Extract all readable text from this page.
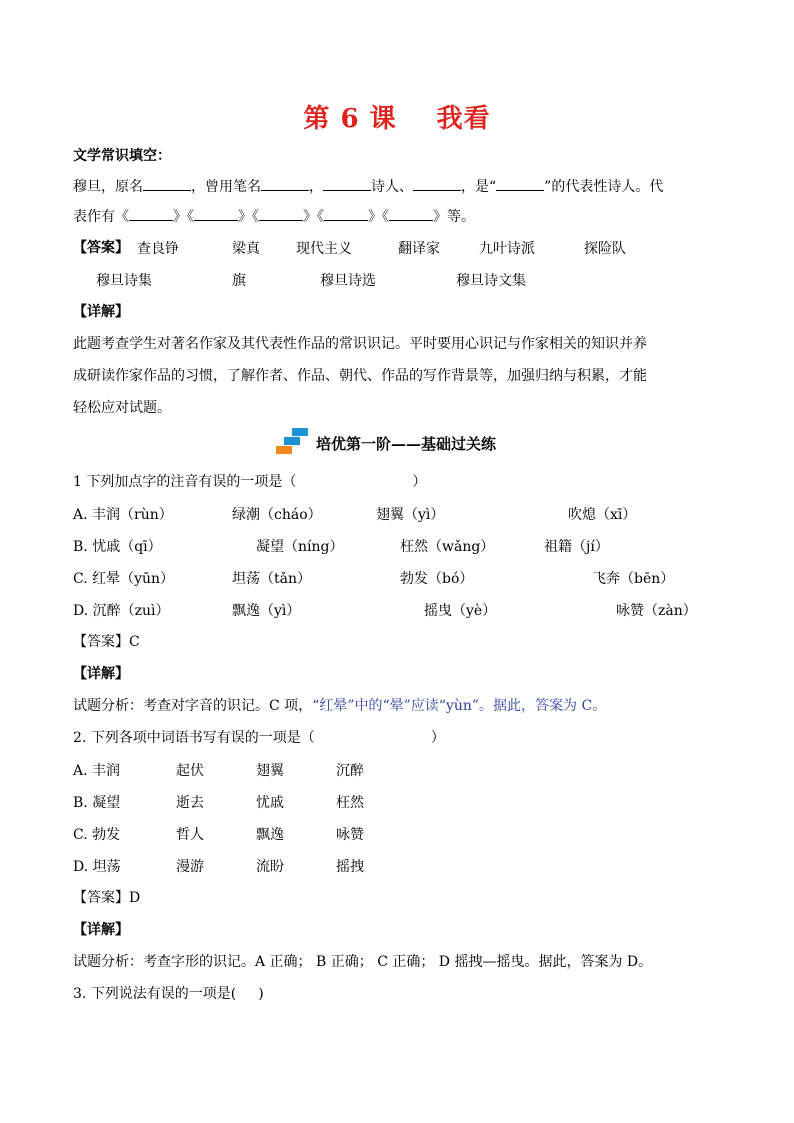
第 6 课 我看
文学常识填空：
穆旦，原名	，曾用笔名	，	诗人、	，是“	”的代表性诗人。代
表作有《	》《	》《	》《	》《	》等。
【答案】 查良铮	梁真	现代主义	翻译家	九叶诗派	探险队
穆旦诗集	旗	穆旦诗选	穆旦诗文集
【详解】
此题考查学生对著名作家及其代表性作品的常识识记。平时要用心识记与作家相关的知识并养
成研读作家作品的习惯，了解作者、作品、朝代、作品的写作背景等，加强归纳与积累，才能
轻松应对试题。
培优第一阶——基础过关练
1 下列加点字的注音有误的一项是（	）
A. 丰润（rùn）	绿潮（cháo）	翅翼（yì）	吹熄（xī）
B. 忧戚（qī）	凝望（níng）	枉然（wǎng）	祖籍（jí）
C. 红晕（yūn）	坦荡（tǎn）	勃发（bó）	飞奔（bēn）
D. 沉醉（zuì）	飘逸（yì）	摇曳（yè）	咏赞（zàn）
【答案】C
【详解】
试题分析：考查对字音的识记。C 项，“红晕”中的“晕”应读“yùn”。据此，答案为 C。
2. 下列各项中词语书写有误的一项是（	）
A. 丰润	起伏	翅翼	沉醉
B. 凝望	逝去	忧戚	枉然
C. 勃发	哲人	飘逸	咏赞
D. 坦荡	漫游	流盼	摇拽
【答案】D
【详解】
试题分析：考查字形的识记。A 正确； B 正确； C 正确； D 摇拽—摇曳。据此，答案为 D。
3. 下列说法有误的一项是( )
